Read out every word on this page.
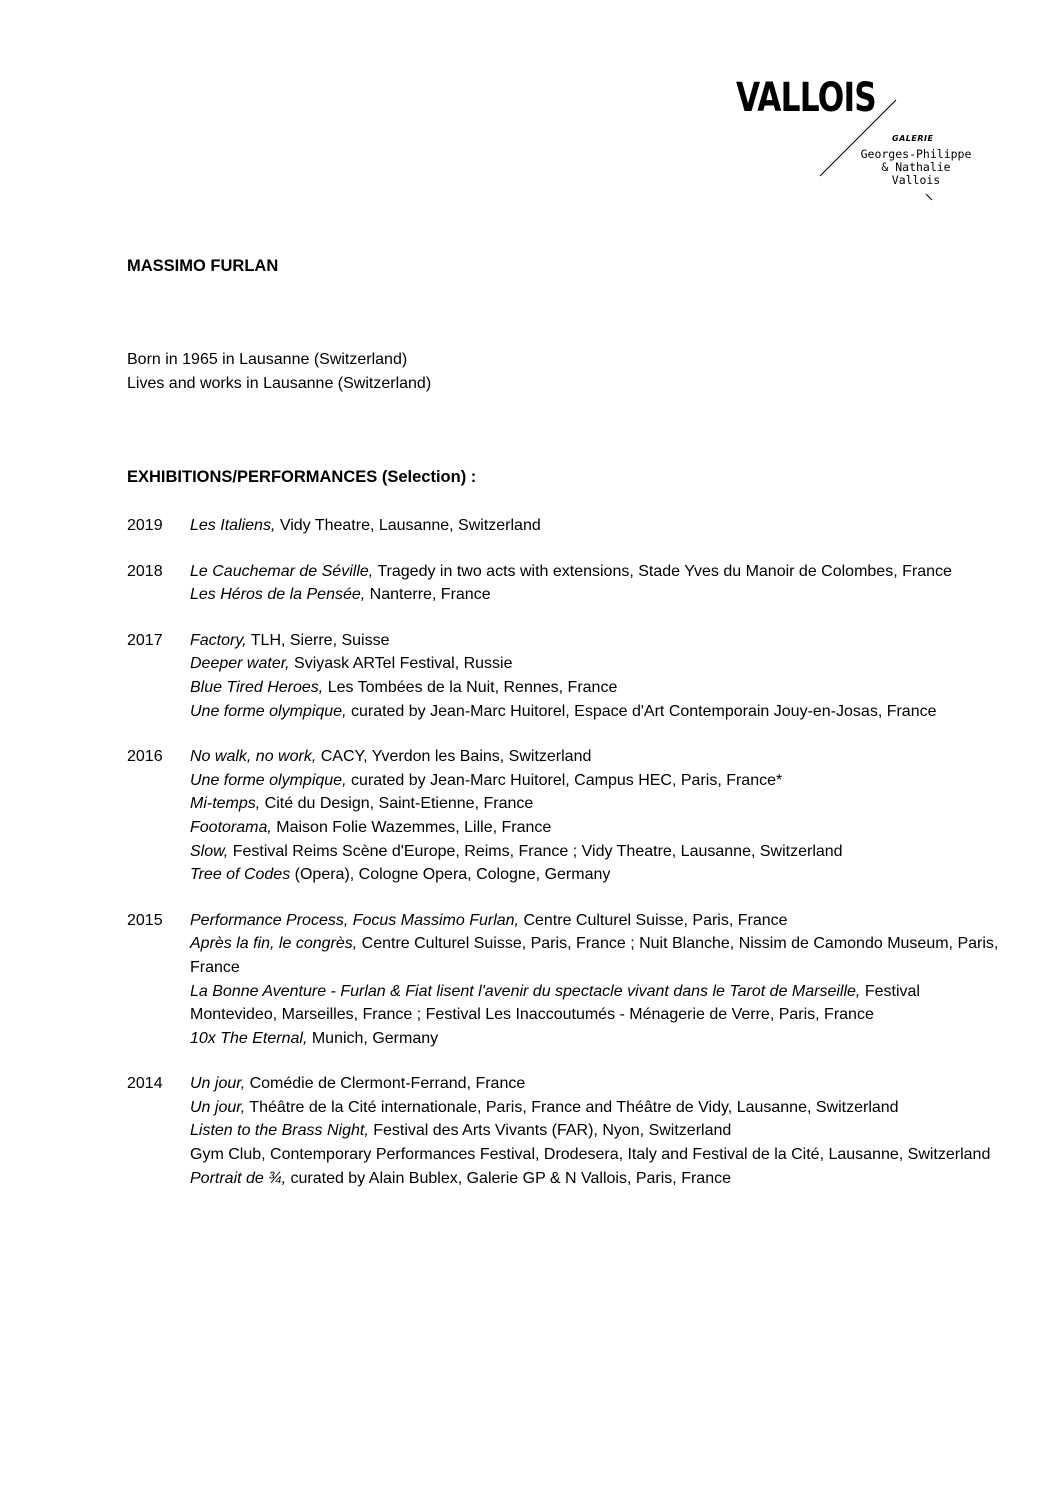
VALLOIS
GALERIE
Georges-Philippe
& Nathalie
Vallois
MASSIMO FURLAN
Born in 1965 in Lausanne (Switzerland)
Lives and works in Lausanne (Switzerland)
EXHIBITIONS/PERFORMANCES (Selection) :
2019	Les Italiens, Vidy Theatre, Lausanne, Switzerland

2018	Le Cauchemar de Séville, Tragedy in two acts with extensions, Stade Yves du Manoir de Colombes, France

Les Héros de la Pensée, Nanterre, France

2017	Factory, TLH, Sierre, Suisse

Deeper water, Sviyask ARTel Festival, Russie

Blue Tired Heroes, Les Tombées de la Nuit, Rennes, France

Une forme olympique, curated by Jean-Marc Huitorel, Espace d'Art Contemporain Jouy-en-Josas, France

2016	No walk, no work, CACY, Yverdon les Bains, Switzerland

Une forme olympique, curated by Jean-Marc Huitorel, Campus HEC, Paris, France*

Mi-temps, Cité du Design, Saint-Etienne, France

Footorama, Maison Folie Wazemmes, Lille, France

Slow, Festival Reims Scène d'Europe, Reims, France ; Vidy Theatre, Lausanne, Switzerland

Tree of Codes (Opera), Cologne Opera, Cologne, Germany

2015	Performance Process, Focus Massimo Furlan, Centre Culturel Suisse, Paris, France

Après la fin, le congrès, Centre Culturel Suisse, Paris, France ; Nuit Blanche, Nissim de Camondo Museum, Paris, France

La Bonne Aventure - Furlan & Fiat lisent l'avenir du spectacle vivant dans le Tarot de Marseille, Festival Montevideo, Marseilles, France ; Festival Les Inaccoutumés - Ménagerie de Verre, Paris, France

10x The Eternal, Munich, Germany

2014	Un jour, Comédie de Clermont-Ferrand, France

Un jour, Théâtre de la Cité internationale, Paris, France and Théâtre de Vidy, Lausanne, Switzerland

Listen to the Brass Night, Festival des Arts Vivants (FAR), Nyon, Switzerland

Gym Club, Contemporary Performances Festival, Drodesera, Italy and Festival de la Cité, Lausanne, Switzerland

Portrait de ¾, curated by Alain Bublex, Galerie GP & N Vallois, Paris, France
